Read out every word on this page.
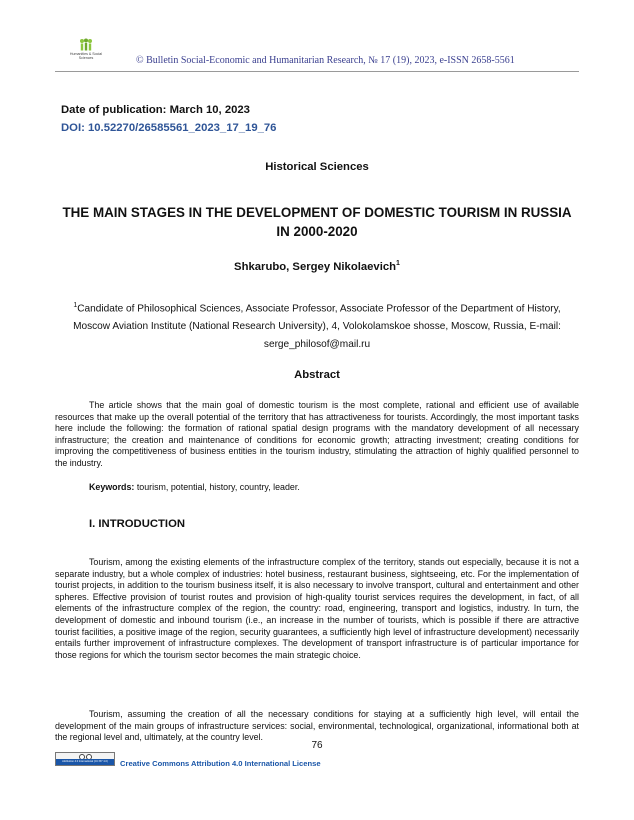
Humanities & Social
Sciences	© Bulletin Social-Economic and Humanitarian Research, № 17 (19), 2023, e-ISSN 2658-5561
Date of publication: March 10, 2023
DOI: 10.52270/26585561_2023_17_19_76
Historical Sciences
THE MAIN STAGES IN THE DEVELOPMENT OF DOMESTIC TOURISM IN RUSSIA IN 2000-2020
Shkarubo, Sergey Nikolaevich$^1$
$^1$Candidate of Philosophical Sciences, Associate Professor, Associate Professor of the Department of History, Moscow Aviation Institute (National Research University), 4, Volokolamskoe shosse, Moscow, Russia, E-mail: serge_philosof@mail.ru
Abstract

The article shows that the main goal of domestic tourism is the most complete, rational and efficient use of available resources that make up the overall potential of the territory that has attractiveness for tourists. Accordingly, the most important tasks here include the following: the formation of rational spatial design programs with the mandatory development of all necessary infrastructure; the creation and maintenance of conditions for economic growth; attracting investment; creating conditions for improving the competitiveness of business entities in the tourism industry, stimulating the attraction of highly qualified personnel to the industry.

Keywords: tourism, potential, history, country, leader.
I. INTRODUCTION

Tourism, among the existing elements of the infrastructure complex of the territory, stands out especially, because it is not a separate industry, but a whole complex of industries: hotel business, restaurant business, sightseeing, etc. For the implementation of tourist projects, in addition to the tourism business itself, it is also necessary to involve transport, cultural and entertainment and other spheres. Effective provision of tourist routes and provision of high-quality tourist services requires the development, in fact, of all elements of the infrastructure complex of the region, the country: road, engineering, transport and logistics, industry. In turn, the development of domestic and inbound tourism (i.e., an increase in the number of tourists, which is possible if there are attractive tourist facilities, a positive image of the region, security guarantees, a sufficiently high level of infrastructure development) necessarily entails further improvement of infrastructure complexes. The development of transport infrastructure is of particular importance for those regions for which the tourism sector becomes the main strategic choice.

Tourism, assuming the creation of all the necessary conditions for staying at a sufficiently high level, will entail the development of the main groups of infrastructure services: social, environmental, technological, organizational, informational both at the regional level and, ultimately, at the country level.

76
Attribution 4.0 International (CC BY 4.0)	Creative Commons Attribution 4.0 International License
